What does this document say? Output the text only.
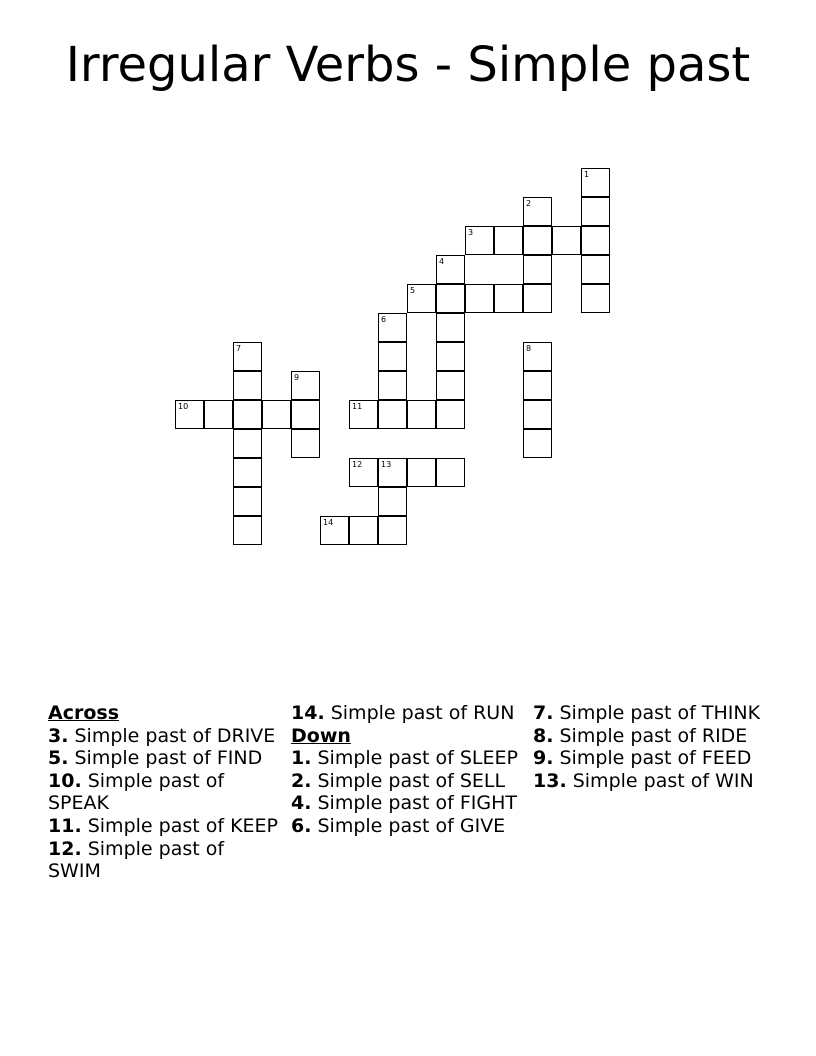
Irregular Verbs - Simple past
1
2
3
4
5
6
7	8
9
10	11
12 13
14
Across
3. Simple past of DRIVE
5. Simple past of FIND
10. Simple past of SPEAK
11. Simple past of KEEP
12. Simple past of SWIM
14. Simple past of RUN
Down
1. Simple past of SLEEP
2. Simple past of SELL
4. Simple past of FIGHT
6. Simple past of GIVE
7. Simple past of THINK
8. Simple past of RIDE
9. Simple past of FEED
13. Simple past of WIN
